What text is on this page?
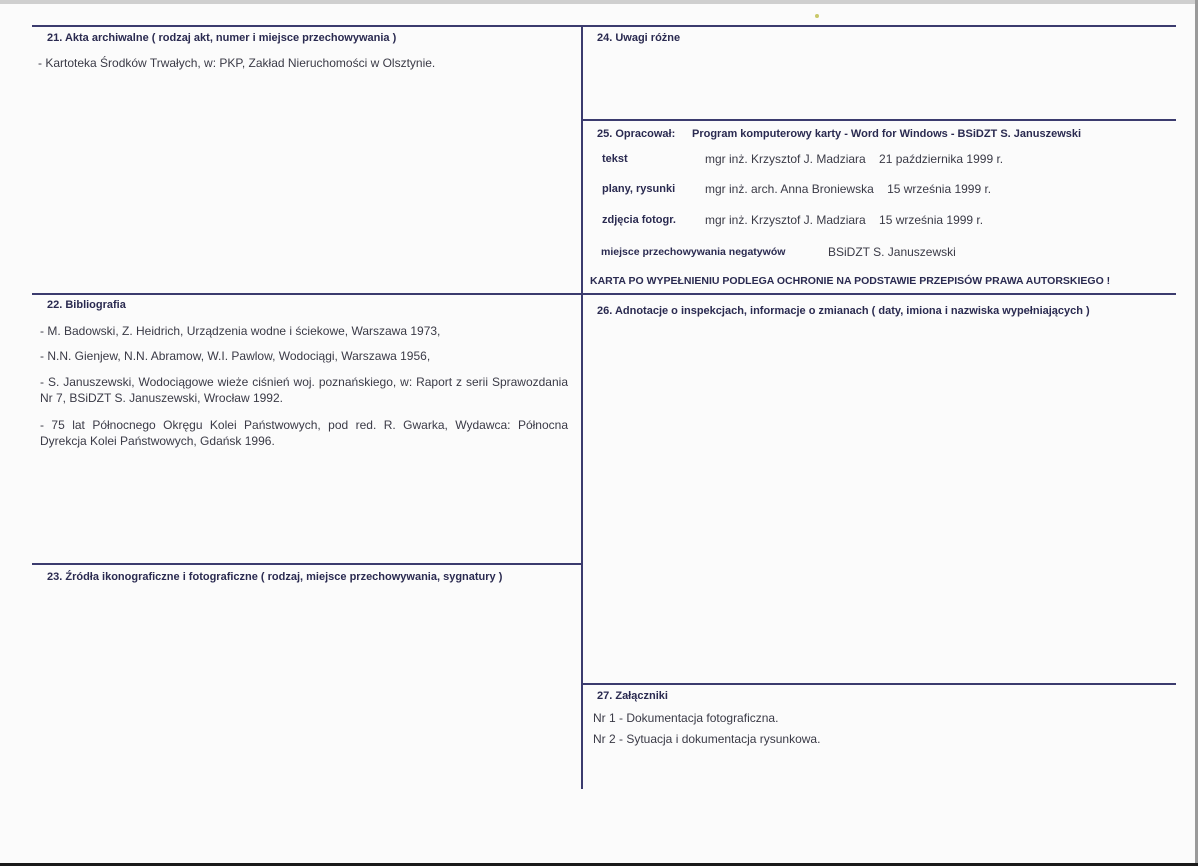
21. Akta archiwalne ( rodzaj akt, numer i miejsce przechowywania )
- Kartoteka Środków Trwałych, w: PKP, Zakład Nieruchomości w Olsztynie.
22. Bibliografia
- M. Badowski, Z. Heidrich, Urządzenia wodne i ściekowe, Warszawa 1973,
- N.N. Gienjew, N.N. Abramow, W.I. Pawlow, Wodociągi, Warszawa 1956,
- S. Januszewski, Wodociągowe wieże ciśnień woj. poznańskiego, w: Raport z serii Sprawozdania Nr 7, BSiDZT S. Januszewski, Wrocław 1992.
- 75 lat Północnego Okręgu Kolei Państwowych, pod red. R. Gwarka, Wydawca: Północna Dyrekcja Kolei Państwowych, Gdańsk 1996.
23. Źródła ikonograficzne i fotograficzne ( rodzaj, miejsce przechowywania, sygnatury )
24. Uwagi różne
25. Opracował: Program komputerowy karty - Word for Windows - BSiDZT S. Januszewski
tekst	mgr inż. Krzysztof J. Madziara    21 października 1999 r.
plany, rysunki mgr inż. arch. Anna Broniewska    15 września 1999 r.
zdjęcia fotogr. mgr inż. Krzysztof J. Madziara    15 września 1999 r.
miejsce przechowywania negatywów	BSiDZT S. Januszewski
KARTA PO WYPEŁNIENIU PODLEGA OCHRONIE NA PODSTAWIE PRZEPISÓW PRAWA AUTORSKIEGO !
26. Adnotacje o inspekcjach, informacje o zmianach ( daty, imiona i nazwiska wypełniających )
27. Załączniki
Nr 1 - Dokumentacja fotograficzna.
Nr 2 - Sytuacja i dokumentacja rysunkowa.
